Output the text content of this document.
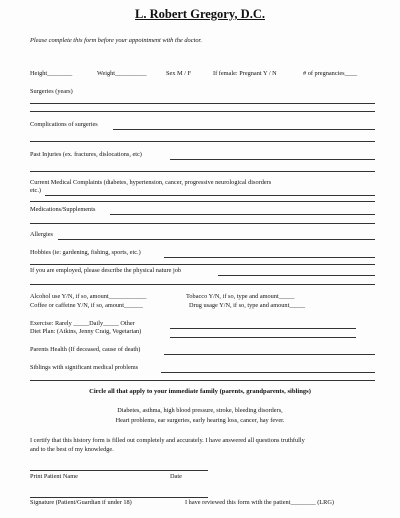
L. Robert Gregory, D.C.
Please complete this form before your appointment with the doctor.
Height________	Weight__________	Sex M / F	If female: Pregnant Y / N	# of pregnancies____
Surgeries (years)
Complications of surgeries
Past Injuries (ex. fractures, dislocations, etc)
Current Medical Complaints (diabetes, hypertension, cancer, progressive neurological disorders
etc.)
Medications/Supplements
Allergies
Hobbies (ie: gardening, fishing, sports, etc.)
If you are employed, please describe the physical nature job
Alcohol use Y/N, if so, amount____________	Tobacco Y/N, if so, type and amount_____
Coffee or caffeine Y/N, if so, amount______	Drug usage Y/N, if so, type and amount_____
Exercise: Rarely _____Daily_____ Other
Diet Plan: (Atkins, Jenny Craig, Vegetarian)
Parents Health (If deceased, cause of death)
Siblings with significant medical problems
Circle all that apply to your immediate family (parents, grandparents, siblings)
Diabetes, asthma, high blood pressure, stroke, bleeding disorders,
Heart problems, ear surgeries, early hearing loss, cancer, hay fever.
I certify that this history form is filled out completely and accurately. I have answered all questions truthfully
and to the best of my knowledge.
Print Patient Name	Date
Signature (Patient/Guardian if under 18)	I have reviewed this form with the patient________ (LRG)
